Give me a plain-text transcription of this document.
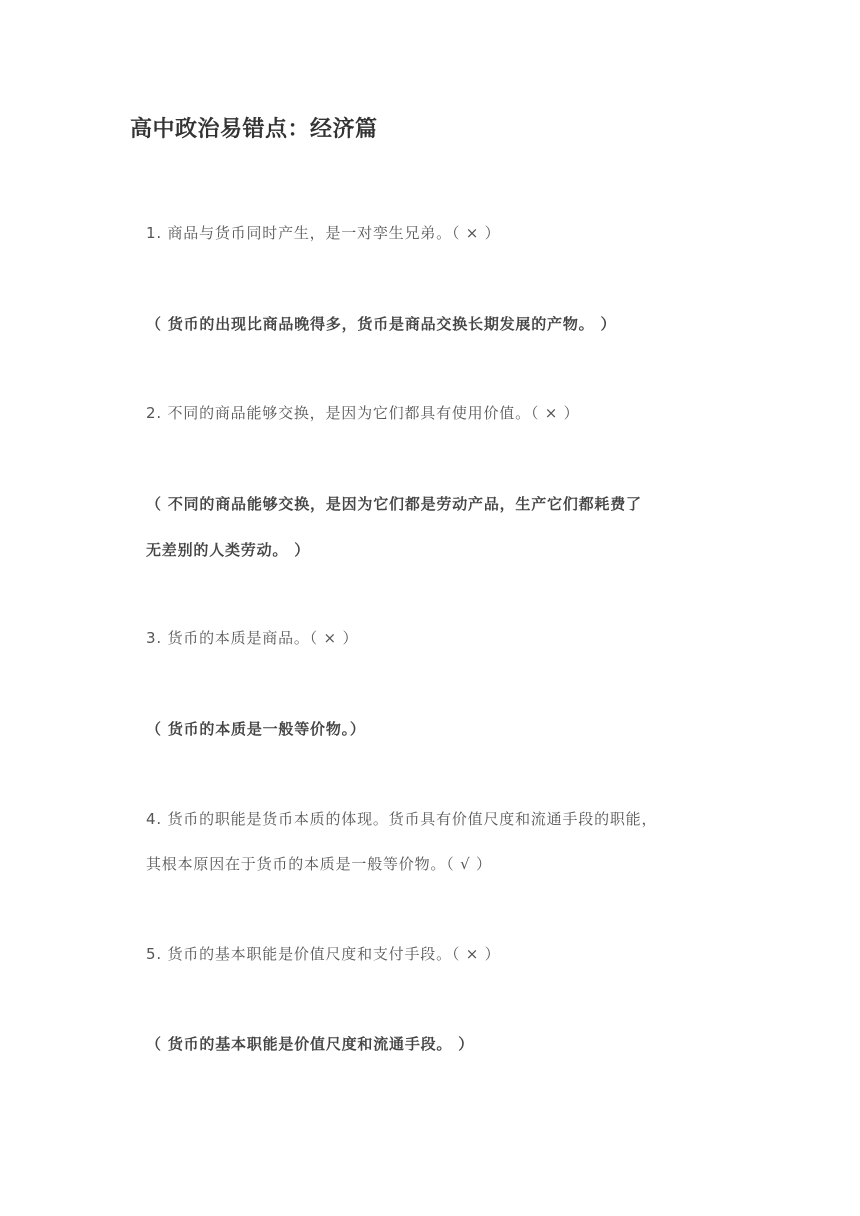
高中政治易错点：经济篇

1. 商品与货币同时产生，是一对孪生兄弟。（ × ）

（ 货币的出现比商品晚得多，货币是商品交换长期发展的产物。 ）

2. 不同的商品能够交换，是因为它们都具有使用价值。（ × ）

（ 不同的商品能够交换，是因为它们都是劳动产品，生产它们都耗费了

无差别的人类劳动。 ）

3. 货币的本质是商品。（ × ）

（ 货币的本质是一般等价物。）

4. 货币的职能是货币本质的体现。货币具有价值尺度和流通手段的职能，

其根本原因在于货币的本质是一般等价物。（ √ ）

5. 货币的基本职能是价值尺度和支付手段。（ × ）

（ 货币的基本职能是价值尺度和流通手段。 ）
